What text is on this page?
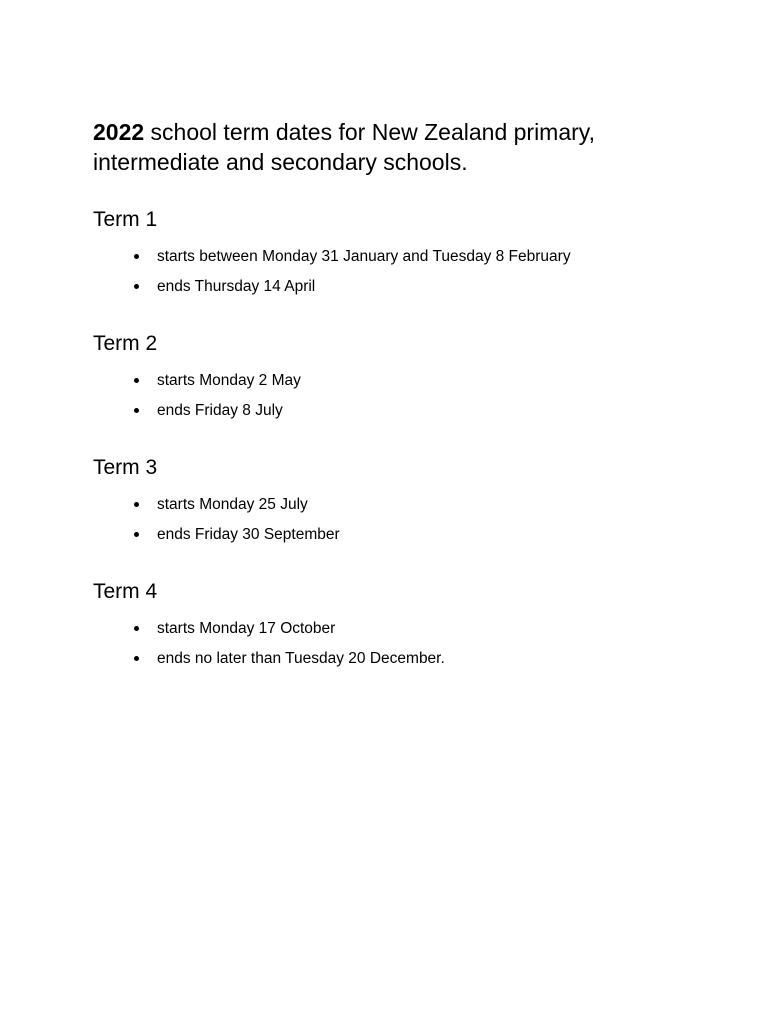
2022 school term dates for New Zealand primary, intermediate and secondary schools.
Term 1
starts between Monday 31 January and Tuesday 8 February
ends Thursday 14 April
Term 2
starts Monday 2 May
ends Friday 8 July
Term 3
starts Monday 25 July
ends Friday 30 September
Term 4
starts Monday 17 October
ends no later than Tuesday 20 December.
